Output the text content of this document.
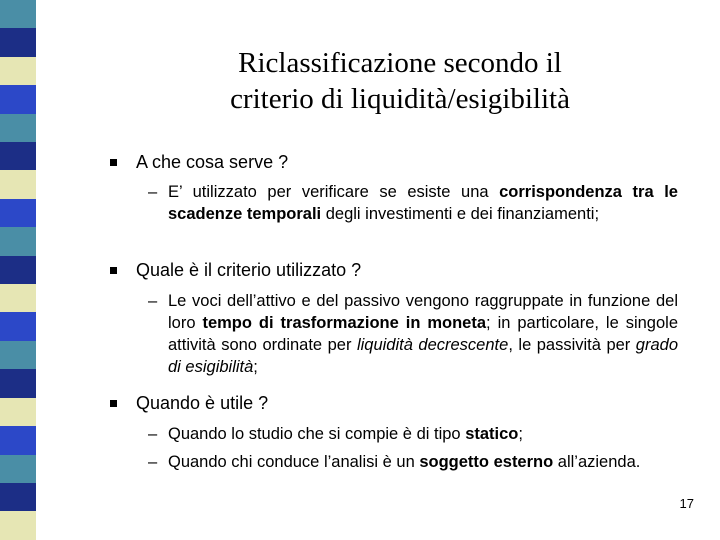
Riclassificazione secondo il
criterio di liquidità/esigibilità
A che cosa serve ?
– E’ utilizzato per verificare se esiste una corrispondenza tra le scadenze temporali degli investimenti e dei finanziamenti;
Quale è il criterio utilizzato ?
– Le voci dell’attivo e del passivo vengono raggruppate in funzione del loro tempo di trasformazione in moneta; in particolare, le singole attività sono ordinate per liquidità decrescente, le passività per grado di esigibilità;
Quando è utile ?
– Quando lo studio che si compie è di tipo statico;
– Quando chi conduce l’analisi è un soggetto esterno all’azienda.
17
